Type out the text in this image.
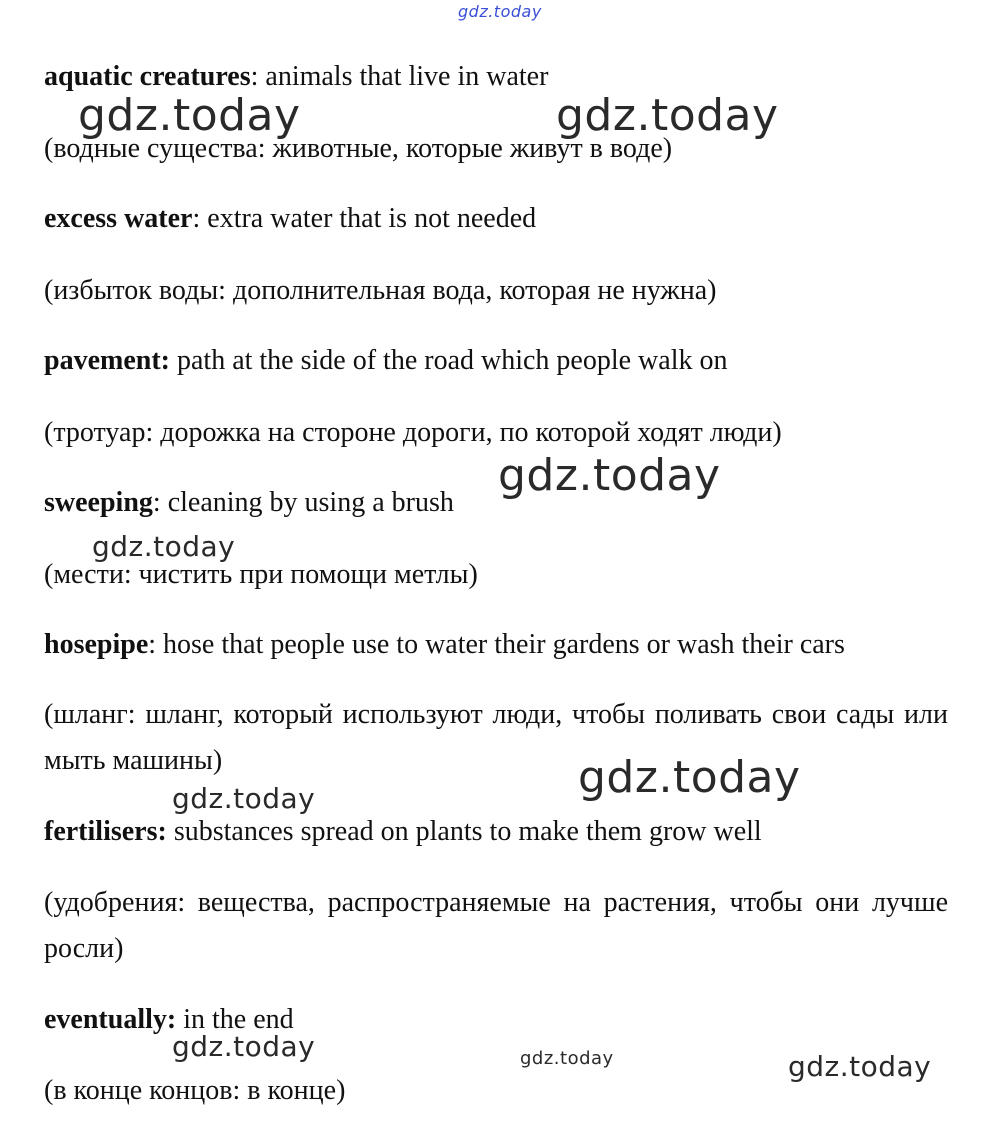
gdz.today

aquatic creatures: animals that live in water

(водные существа: животные, которые живут в воде)

excess water: extra water that is not needed

(избыток воды: дополнительная вода, которая не нужна)

pavement: path at the side of the road which people walk on

(тротуар: дорожка на стороне дороги, по которой ходят люди)

sweeping: cleaning by using a brush

(мести: чистить при помощи метлы)

hosepipe: hose that people use to water their gardens or wash their cars

(шланг: шланг, который используют люди, чтобы поливать свои сады или мыть машины)

fertilisers: substances spread on plants to make them grow well

(удобрения: вещества, распространяемые на растения, чтобы они лучше росли)

eventually: in the end

(в конце концов: в конце)

gdz.today	gdz.today
gdz.today
gdz.today
gdz.today
gdz.today
gdz.today	gdz.today	gdz.today
